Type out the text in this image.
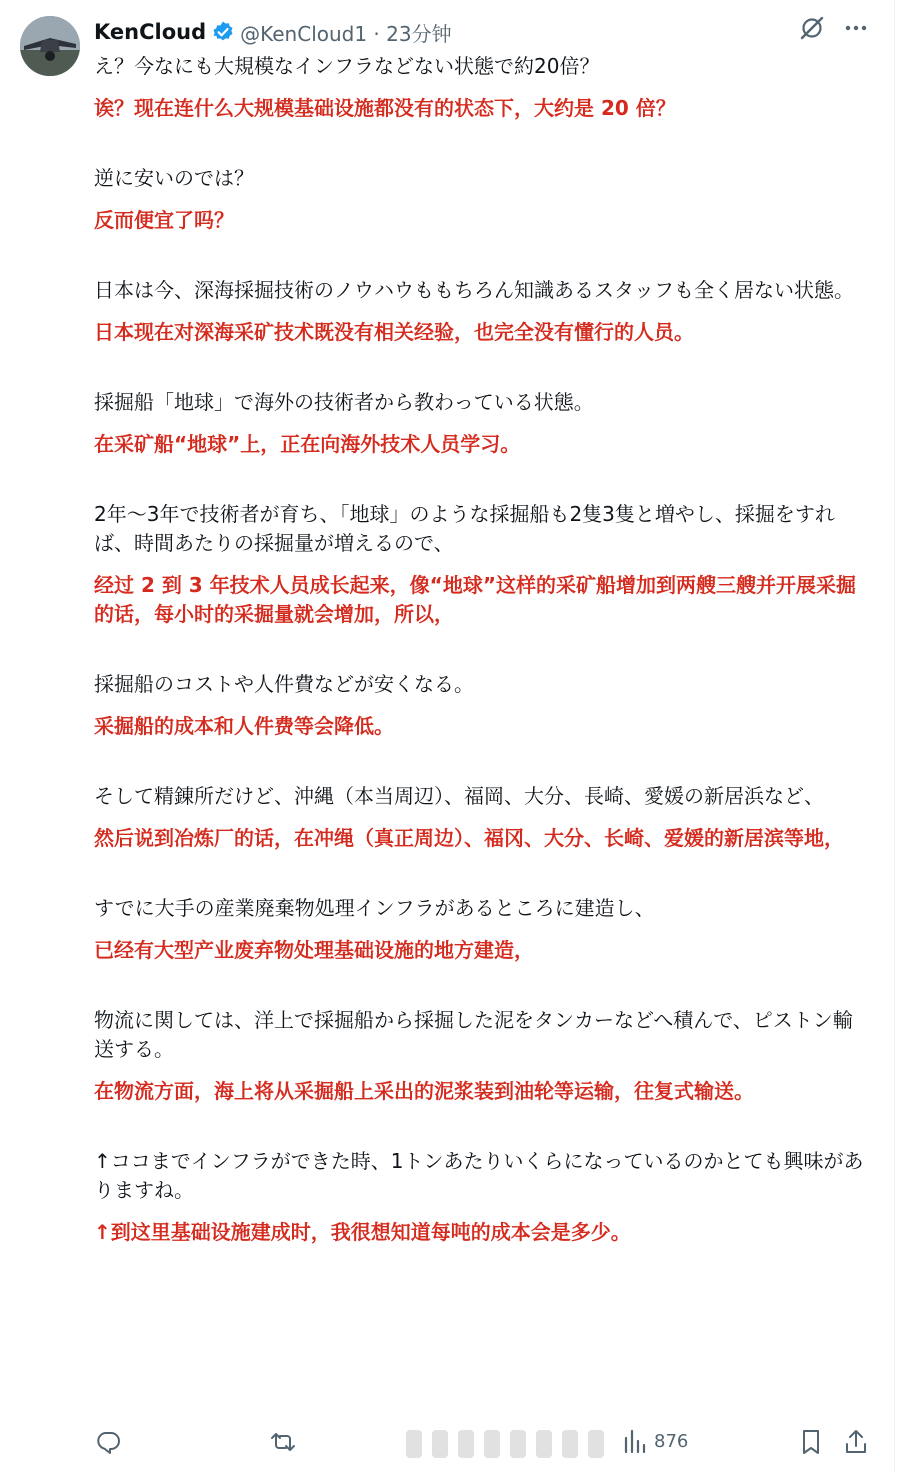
KenCloud @KenCloud1 · 23分钟

え？今なにも大規模なインフラなどない状態で約20倍？

诶？现在连什么大规模基础设施都没有的状态下，大约是 20 倍？

逆に安いのでは？

反而便宜了吗？

日本は今、深海採掘技術のノウハウももちろん知識あるスタッフも全く居ない状態。

日本现在对深海采矿技术既没有相关经验，也完全没有懂行的人员。

採掘船「地球」で海外の技術者から教わっている状態。

在采矿船“地球”上，正在向海外技术人员学习。

2年〜3年で技術者が育ち、「地球」のような採掘船も2隻3隻と増やし、採掘をすれば、時間あたりの採掘量が増えるので、

经过 2 到 3 年技术人员成长起来，像“地球”这样的采矿船增加到两艘三艘并开展采掘的话，每小时的采掘量就会增加，所以，

採掘船のコストや人件費などが安くなる。

采掘船的成本和人件费等会降低。

そして精錬所だけど、沖縄（本当周辺）、福岡、大分、長崎、愛媛の新居浜など、

然后说到冶炼厂的话，在冲绳（真正周边）、福冈、大分、长崎、爱媛的新居滨等地，

すでに大手の産業廃棄物処理インフラがあるところに建造し、

已经有大型产业废弃物处理基础设施的地方建造，

物流に関しては、洋上で採掘船から採掘した泥をタンカーなどへ積んで、ピストン輸送する。

在物流方面，海上将从采掘船上采出的泥浆装到油轮等运输，往复式输送。

↑ココまでインフラができた時、1トンあたりいくらになっているのかとても興味がありますね。

↑到这里基础设施建成时，我很想知道每吨的成本会是多少。

876
